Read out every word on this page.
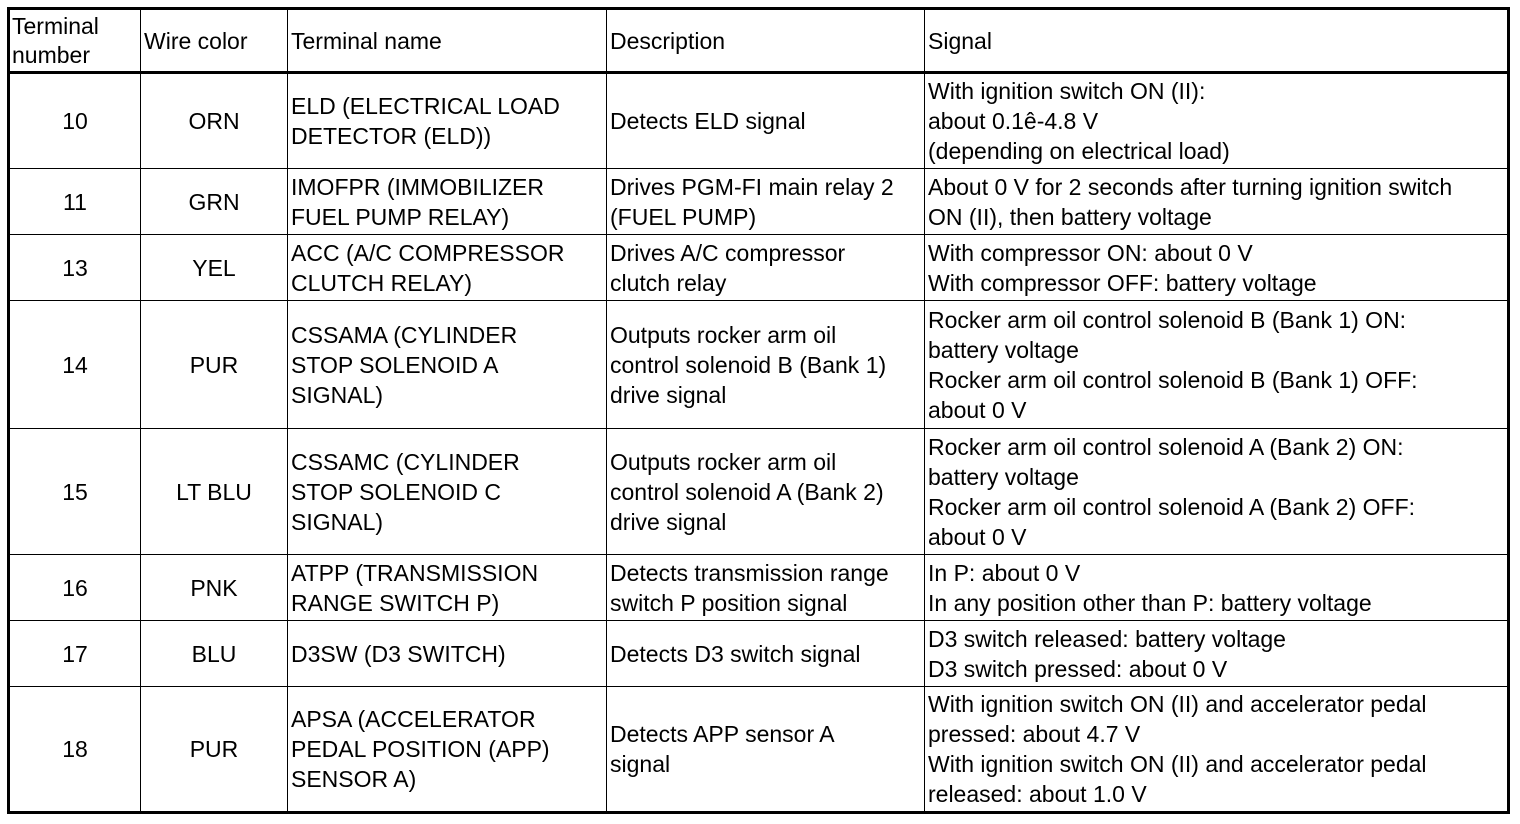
Terminal
number	Wire color	Terminal name	Description	Signal
10	ORN	ELD (ELECTRICAL LOAD
DETECTOR (ELD))	Detects ELD signal	With ignition switch ON (II):
about 0.1ê-4.8 V
(depending on electrical load)

11	GRN	IMOFPR (IMMOBILIZER
FUEL PUMP RELAY)	Drives PGM-FI main relay 2
(FUEL PUMP)	About 0 V for 2 seconds after turning ignition switch
ON (II), then battery voltage

13	YEL	ACC (A/C COMPRESSOR
CLUTCH RELAY)	Drives A/C compressor
clutch relay	With compressor ON: about 0 V
With compressor OFF: battery voltage

14	PUR	CSSAMA (CYLINDER
STOP SOLENOID A
SIGNAL)	Outputs rocker arm oil
control solenoid B (Bank 1)
drive signal	Rocker arm oil control solenoid B (Bank 1) ON:
battery voltage
Rocker arm oil control solenoid B (Bank 1) OFF:
about 0 V

15	LT BLU	CSSAMC (CYLINDER
STOP SOLENOID C
SIGNAL)	Outputs rocker arm oil
control solenoid A (Bank 2)
drive signal	Rocker arm oil control solenoid A (Bank 2) ON:
battery voltage
Rocker arm oil control solenoid A (Bank 2) OFF:
about 0 V

16	PNK	ATPP (TRANSMISSION
RANGE SWITCH P)	Detects transmission range
switch P position signal	In P: about 0 V
In any position other than P: battery voltage

17	BLU	D3SW (D3 SWITCH)	Detects D3 switch signal	D3 switch released: battery voltage
D3 switch pressed: about 0 V

18	PUR	APSA (ACCELERATOR
PEDAL POSITION (APP)
SENSOR A)	Detects APP sensor A
signal	With ignition switch ON (II) and accelerator pedal
pressed: about 4.7 V
With ignition switch ON (II) and accelerator pedal
released: about 1.0 V
